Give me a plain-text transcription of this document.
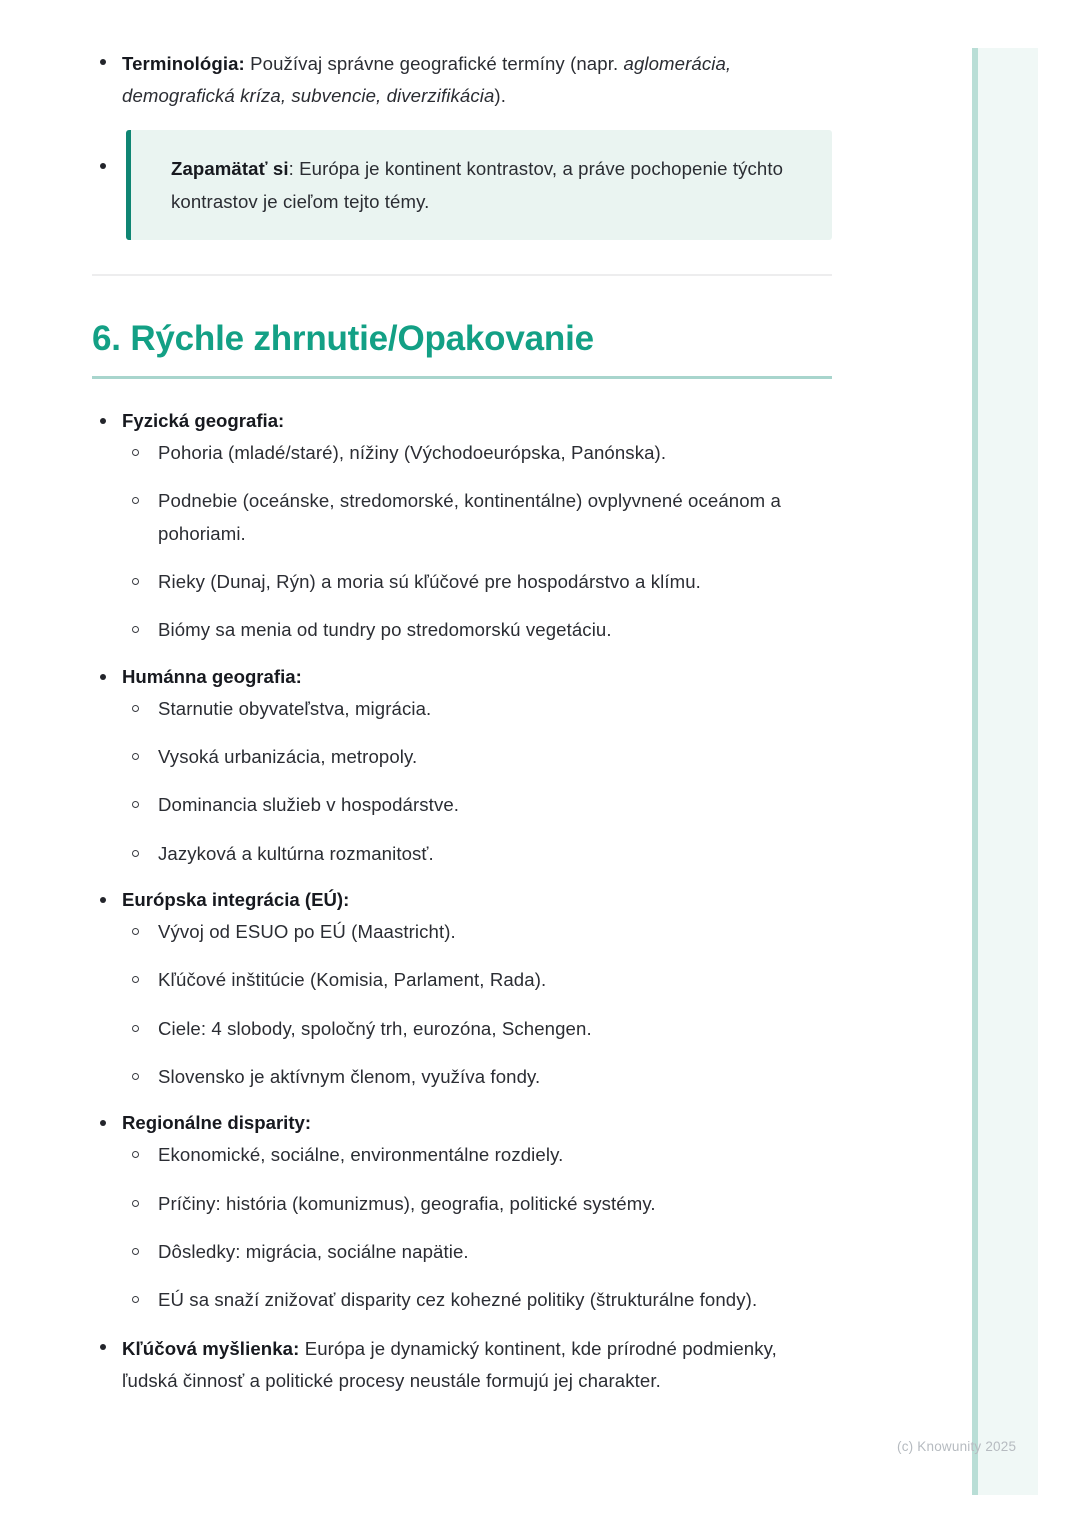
Terminológia: Používaj správne geografické termíny (napr. aglomerácia, demografická kríza, subvencie, diverzifikácia).
Zapamätať si: Európa je kontinent kontrastov, a práve pochopenie týchto kontrastov je cieľom tejto témy.
6. Rýchle zhrnutie/Opakovanie
Fyzická geografia:
Pohoria (mladé/staré), nížiny (Východoeurópska, Panónska).
Podnebie (oceánske, stredomorské, kontinentálne) ovplyvnené oceánom a pohoriami.
Rieky (Dunaj, Rýn) a moria sú kľúčové pre hospodárstvo a klímu.
Biómy sa menia od tundry po stredomorskú vegetáciu.
Humánna geografia:
Starnutie obyvateľstva, migrácia.
Vysoká urbanizácia, metropoly.
Dominancia služieb v hospodárstve.
Jazyková a kultúrna rozmanitosť.
Európska integrácia (EÚ):
Vývoj od ESUO po EÚ (Maastricht).
Kľúčové inštitúcie (Komisia, Parlament, Rada).
Ciele: 4 slobody, spoločný trh, eurozóna, Schengen.
Slovensko je aktívnym členom, využíva fondy.
Regionálne disparity:
Ekonomické, sociálne, environmentálne rozdiely.
Príčiny: história (komunizmus), geografia, politické systémy.
Dôsledky: migrácia, sociálne napätie.
EÚ sa snaží znižovať disparity cez kohezné politiky (štrukturálne fondy).
Kľúčová myšlienka: Európa je dynamický kontinent, kde prírodné podmienky, ľudská činnosť a politické procesy neustále formujú jej charakter.
(c) Knowunity 2025
